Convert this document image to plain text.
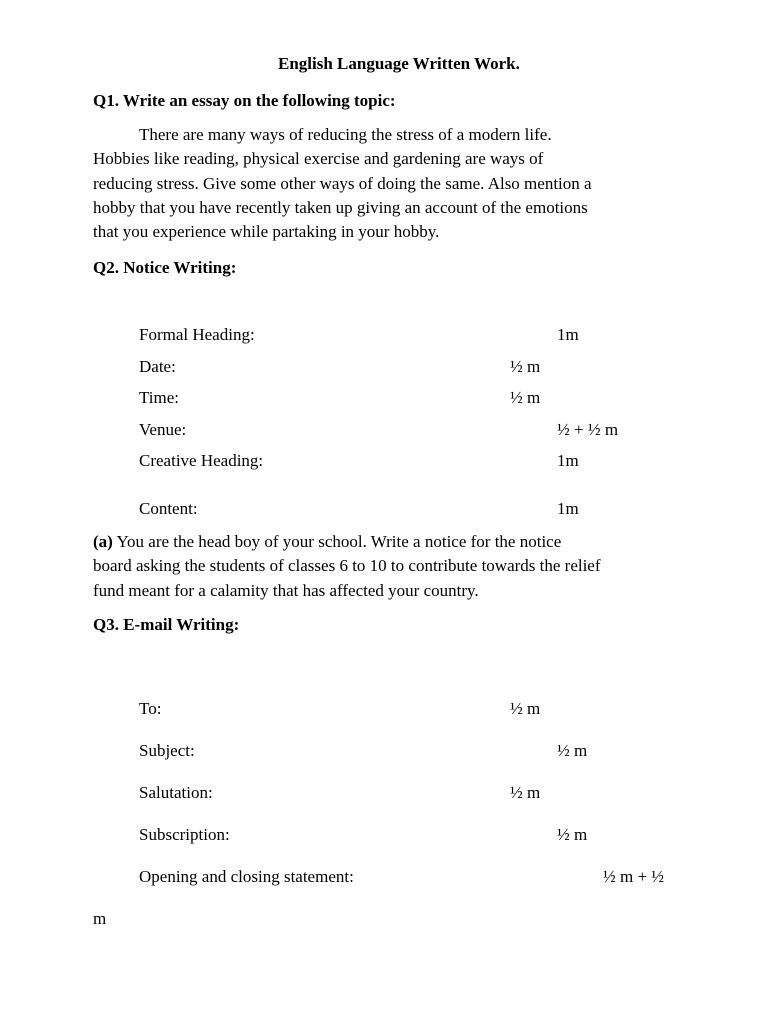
English Language Written Work.
Q1. Write an essay on the following topic:
There are many ways of reducing the stress of a modern life.
Hobbies like reading, physical exercise and gardening are ways of
reducing stress. Give some other ways of doing the same. Also mention a
hobby that you have recently taken up giving an account of the emotions
that you experience while partaking in your hobby.
Q2. Notice Writing:
Formal Heading:	1m
Date:	½ m
Time:	½ m
Venue:	½ + ½ m
Creative Heading:	1m
Content:	1m
(a) You are the head boy of your school. Write a notice for the notice
board asking the students of classes 6 to 10 to contribute towards the relief
fund meant for a calamity that has affected your country.
Q3. E-mail Writing:
To:	½ m
Subject:	½ m
Salutation:	½ m
Subscription:	½ m
Opening and closing statement:	½ m + ½
m
